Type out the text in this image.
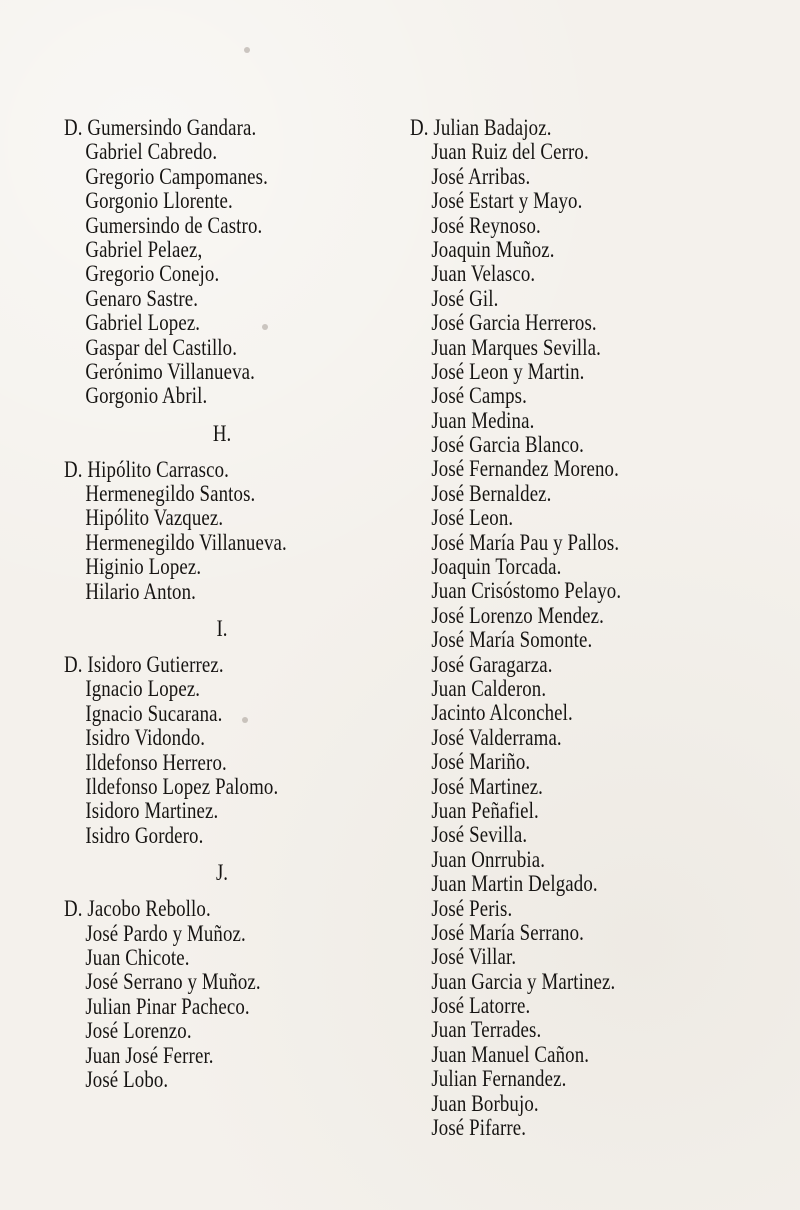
D. Gumersindo Gandara.
Gabriel Cabredo.
Gregorio Campomanes.
Gorgonio Llorente.
Gumersindo de Castro.
Gabriel Pelaez,
Gregorio Conejo.
Genaro Sastre.
Gabriel Lopez.
Gaspar del Castillo.
Gerónimo Villanueva.
Gorgonio Abril.
H.
D. Hipólito Carrasco.
Hermenegildo Santos.
Hipólito Vazquez.
Hermenegildo Villanueva.
Higinio Lopez.
Hilario Anton.
I.
D. Isidoro Gutierrez.
Ignacio Lopez.
Ignacio Sucarana.
Isidro Vidondo.
Ildefonso Herrero.
Ildefonso Lopez Palomo.
Isidoro Martinez.
Isidro Gordero.
J.
D. Jacobo Rebollo.
José Pardo y Muñoz.
Juan Chicote.
José Serrano y Muñoz.
Julian Pinar Pacheco.
José Lorenzo.
Juan José Ferrer.
José Lobo.
D. Julian Badajoz.
Juan Ruiz del Cerro.
José Arribas.
José Estart y Mayo.
José Reynoso.
Joaquin Muñoz.
Juan Velasco.
José Gil.
José Garcia Herreros.
Juan Marques Sevilla.
José Leon y Martin.
José Camps.
Juan Medina.
José Garcia Blanco.
José Fernandez Moreno.
José Bernaldez.
José Leon.
José María Pau y Pallos.
Joaquin Torcada.
Juan Crisóstomo Pelayo.
José Lorenzo Mendez.
José María Somonte.
José Garagarza.
Juan Calderon.
Jacinto Alconchel.
José Valderrama.
José Mariño.
José Martinez.
Juan Peñafiel.
José Sevilla.
Juan Onrrubia.
Juan Martin Delgado.
José Peris.
José María Serrano.
José Villar.
Juan Garcia y Martinez.
José Latorre.
Juan Terrades.
Juan Manuel Cañon.
Julian Fernandez.
Juan Borbujo.
José Pifarre.
